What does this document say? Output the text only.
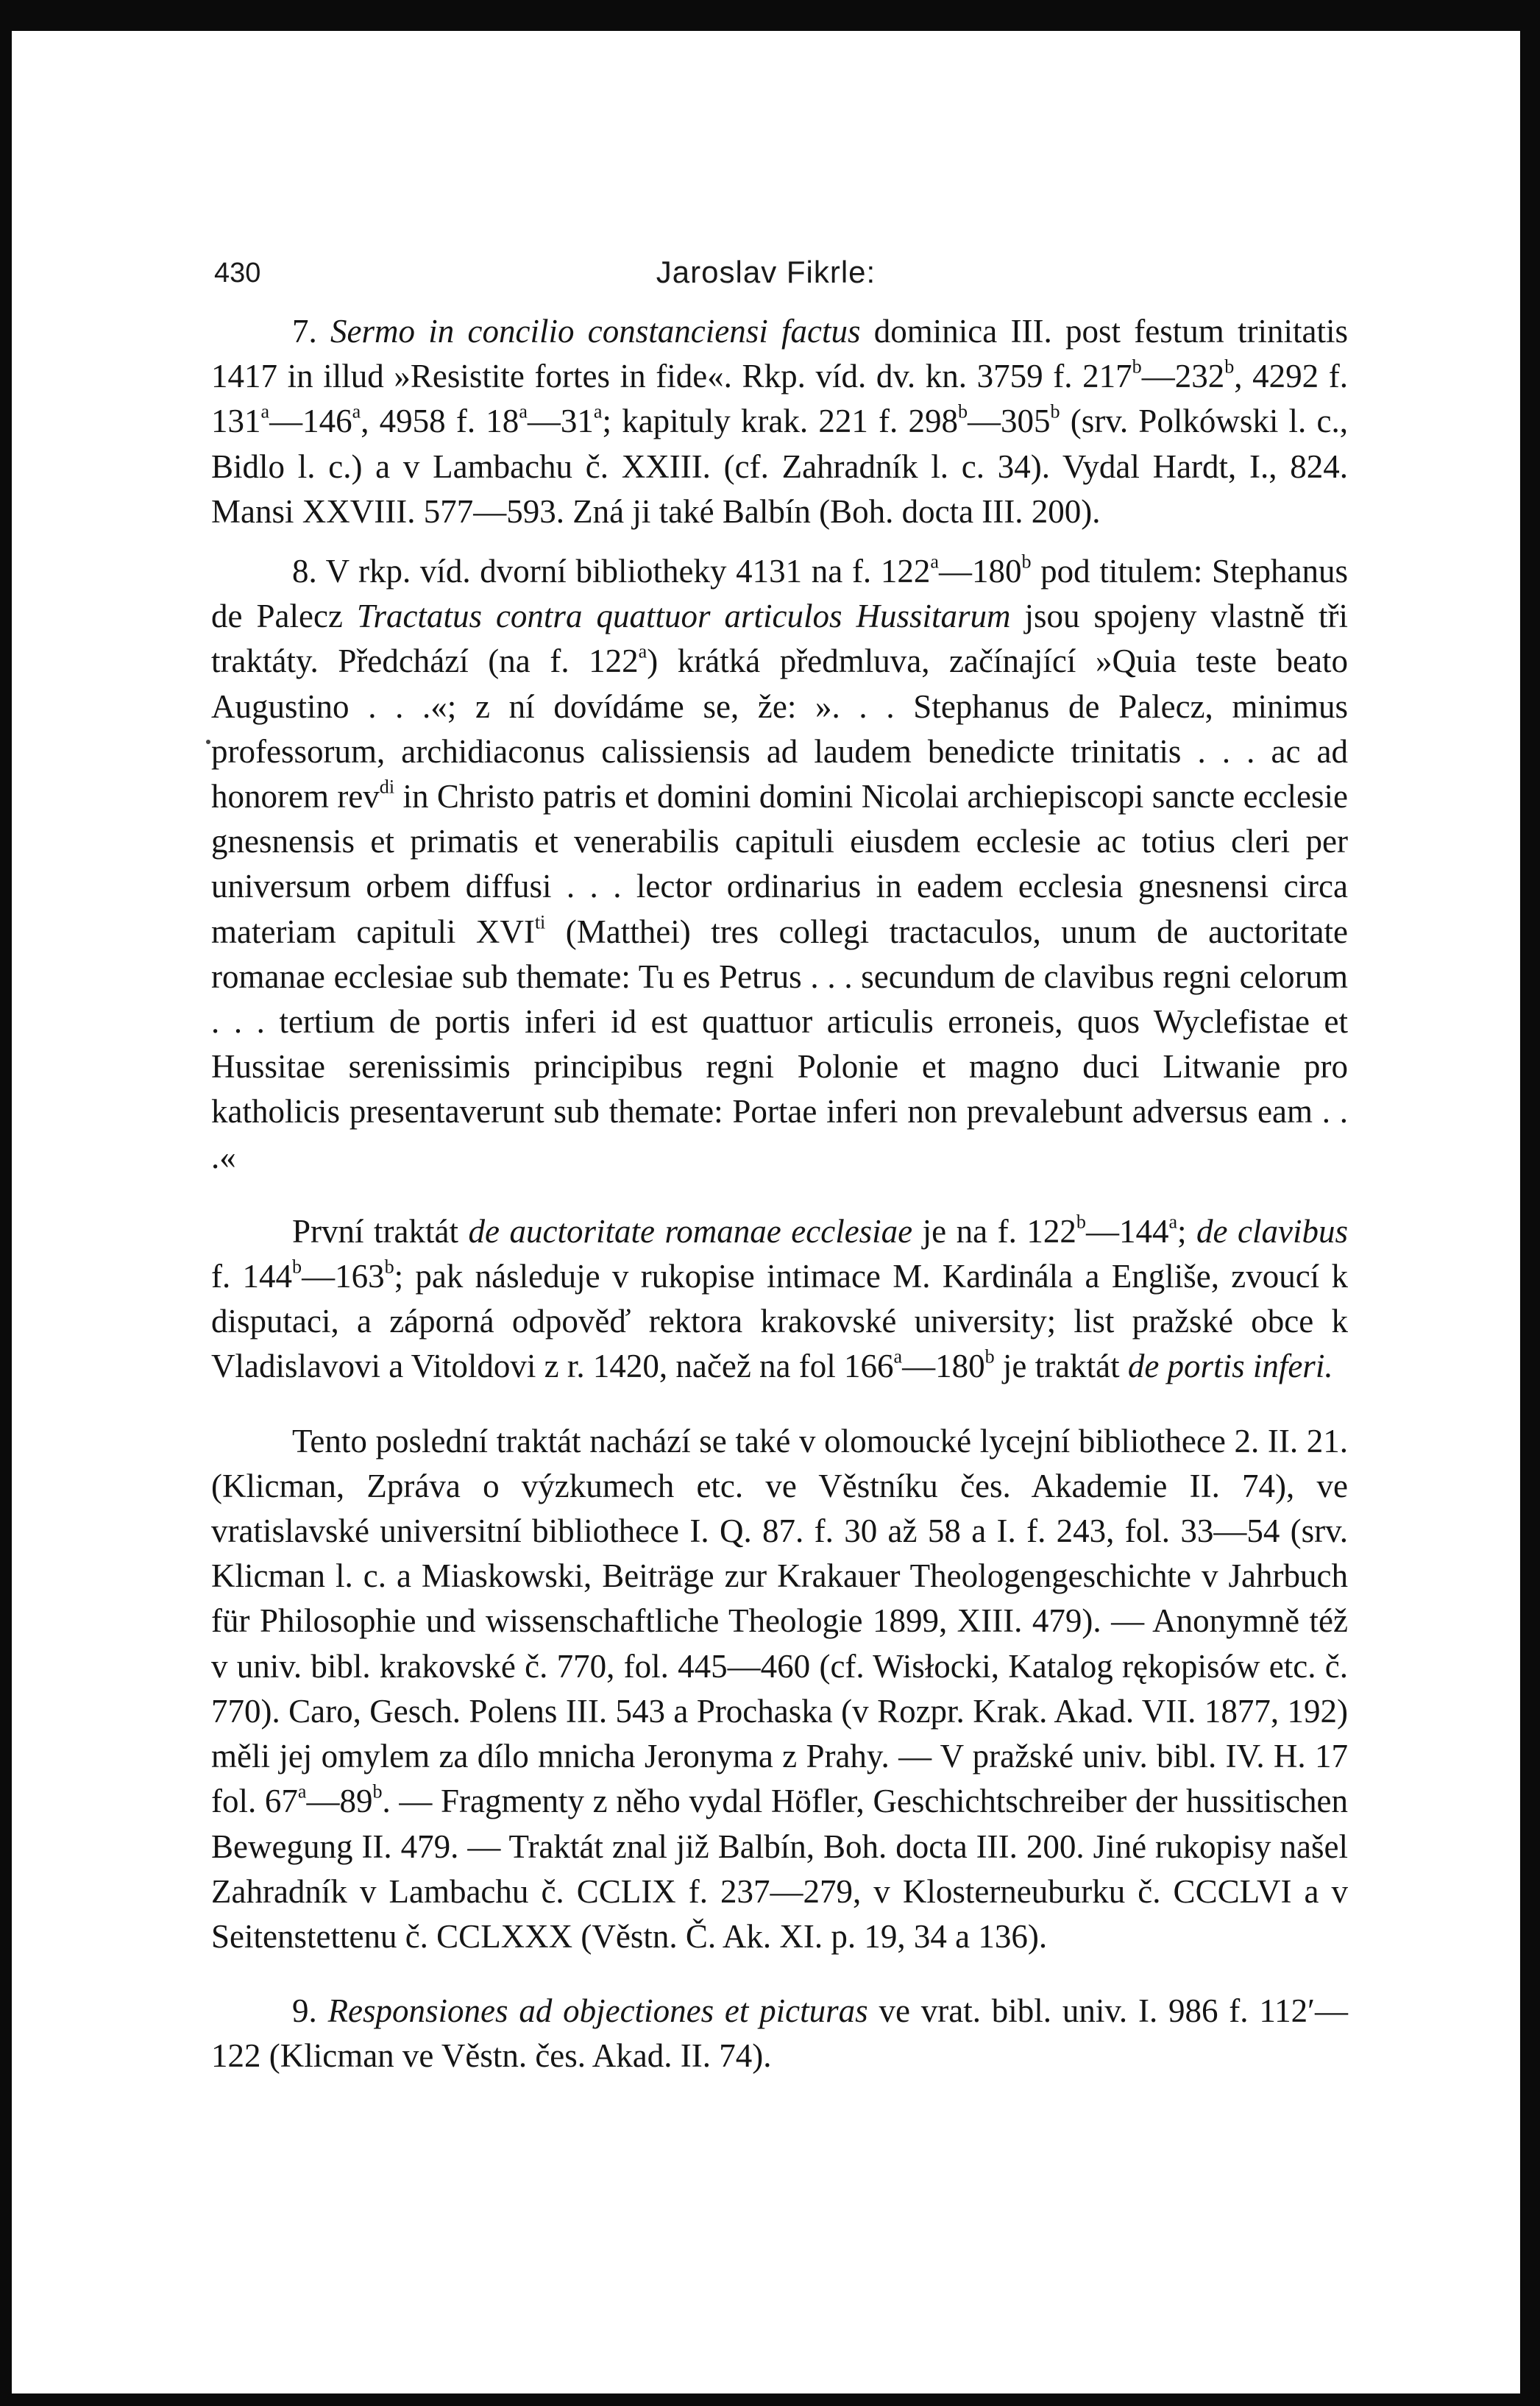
430	Jaroslav Fikrle:

7. Sermo in concilio constanciensi factus dominica III. post festum trinitatis 1417 in illud »Resistite fortes in fide«. Rkp. víd. dv. kn. 3759 f. 217$^b$—232$^b$, 4292 f. 131$^a$—146$^a$, 4958 f. 18$^a$—31$^a$; kapituly krak. 221 f. 298$^b$—305$^b$ (srv. Polkówski l. c., Bidlo l. c.) a v Lambachu č. XXIII. (cf. Zahradník l. c. 34). Vydal Hardt, I., 824. Mansi XXVIII. 577—593. Zná ji také Balbín (Boh. docta III. 200).

8. V rkp. víd. dvorní bibliotheky 4131 na f. 122$^a$—180$^b$ pod titulem: Stephanus de Palecz Tractatus contra quattuor articulos Hussitarum jsou spojeny vlastně tři traktáty. Předchází (na f. 122$^a$) krátká předmluva, začínající »Quia teste beato Augustino . . .«; z ní dovídáme se, že: ». . . Stephanus de Palecz, minimus professorum, archidiaconus calissiensis ad laudem benedicte trinitatis . . . ac ad honorem rev$^{di}$ in Christo patris et domini domini Nicolai archiepiscopi sancte ecclesie gnesnensis et primatis et venerabilis capituli eiusdem ecclesie ac totius cleri per universum orbem diffusi . . . lector ordinarius in eadem ecclesia gnesnensi circa materiam capituli $XVI^{ti}$ (Matthei) tres collegi tractaculos, unum de auctoritate romanae ecclesiae sub themate: Tu es Petrus . . . secundum de clavibus regni celorum . . . tertium de portis inferi id est quattuor articulis erroneis, quos Wyclefistae et Hussitae serenissimis principibus regni Polonie et magno duci Litwanie pro katholicis presentaverunt sub themate: Portae inferi non prevalebunt adversus eam . . .«

První traktát de auctoritate romanae ecclesiae je na f. 122$^b$—144$^a$; de clavibus f. 144$^b$—163$^b$; pak následuje v rukopise intimace M. Kardinála a Engliše, zvoucí k disputaci, a záporná odpověď rektora krakovské university; list pražské obce k Vladislavovi a Vitoldovi z r. 1420, načež na fol 166$^a$—180$^b$ je traktát de portis inferi.

Tento poslední traktát nachází se také v olomoucké lycejní bibliothece 2. II. 21. (Klicman, Zpráva o výzkumech etc. ve Věstníku čes. Akademie II. 74), ve vratislavské universitní bibliothece I. Q. 87. f. 30 až 58 a I. f. 243, fol. 33—54 (srv. Klicman l. c. a Miaskowski, Beiträge zur Krakauer Theologengeschichte v Jahrbuch für Philosophie und wissenschaftliche Theologie 1899, XIII. 479). — Anonymně též v univ. bibl. krakovské č. 770, fol. 445—460 (cf. Wisłocki, Katalog rękopisów etc. č. 770). Caro, Gesch. Polens III. 543 a Prochaska (v Rozpr. Krak. Akad. VII. 1877, 192) měli jej omylem za dílo mnicha Jeronyma z Prahy. — V pražské univ. bibl. IV. H. 17 fol. 67$^a$—89$^b$. — Fragmenty z něho vydal Höfler, Geschichtschreiber der hussitischen Bewegung II. 479. — Traktát znal již Balbín, Boh. docta III. 200. Jiné rukopisy našel Zahradník v Lambachu č. CCLIX f. 237—279, v Klosterneuburku č. CCCLVI a v Seitenstettenu č. CCLXXX (Věstn. Č. Ak. XI. p. 19, 34 a 136).

9. Responsiones ad objectiones et picturas ve vrat. bibl. univ. I. 986 f. 112′—122 (Klicman ve Věstn. čes. Akad. II. 74).
